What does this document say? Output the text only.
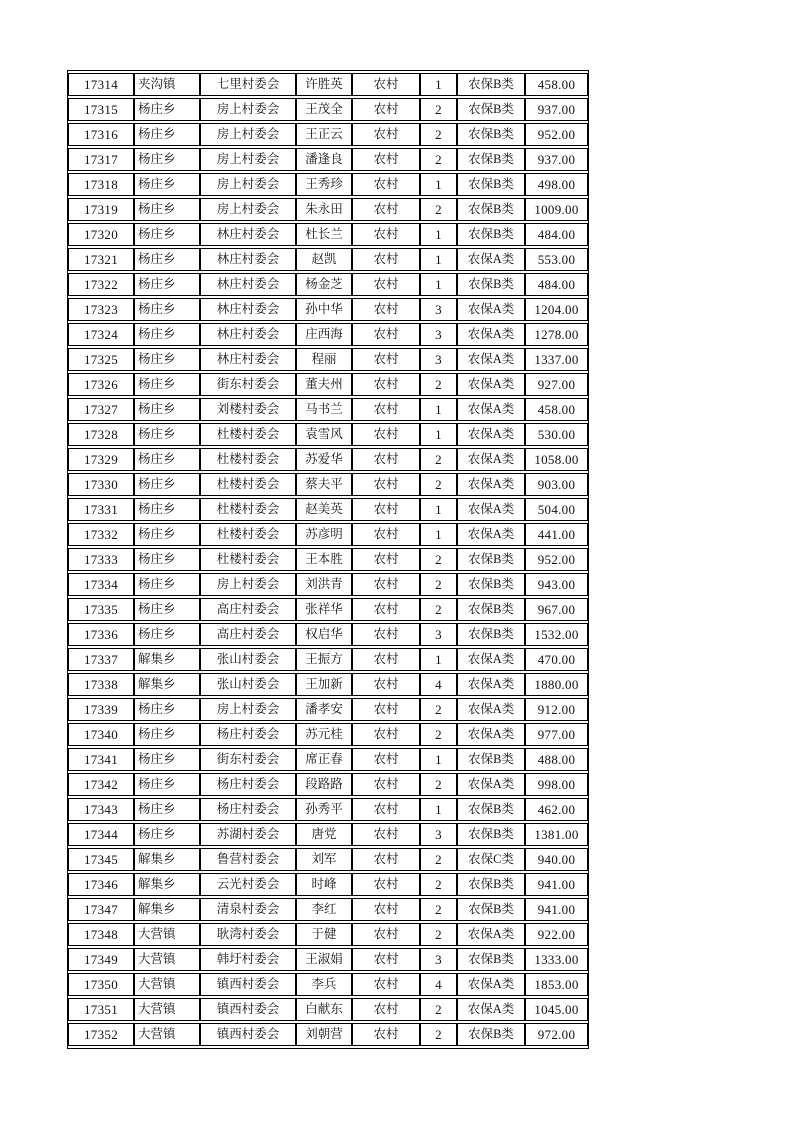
17314	夹沟镇	七里村委会	许胜英	农村	1	农保B类	458.00
17315	杨庄乡	房上村委会	王茂全	农村	2	农保B类	937.00
17316	杨庄乡	房上村委会	王正云	农村	2	农保B类	952.00
17317	杨庄乡	房上村委会	潘逢良	农村	2	农保B类	937.00
17318	杨庄乡	房上村委会	王秀珍	农村	1	农保B类	498.00
17319	杨庄乡	房上村委会	朱永田	农村	2	农保B类	1009.00
17320	杨庄乡	林庄村委会	杜长兰	农村	1	农保B类	484.00
17321	杨庄乡	林庄村委会	赵凯	农村	1	农保A类	553.00
17322	杨庄乡	林庄村委会	杨金芝	农村	1	农保B类	484.00
17323	杨庄乡	林庄村委会	孙中华	农村	3	农保A类	1204.00
17324	杨庄乡	林庄村委会	庄西海	农村	3	农保A类	1278.00
17325	杨庄乡	林庄村委会	程丽	农村	3	农保A类	1337.00
17326	杨庄乡	街东村委会	董夫州	农村	2	农保A类	927.00
17327	杨庄乡	刘楼村委会	马书兰	农村	1	农保A类	458.00
17328	杨庄乡	杜楼村委会	袁雪风	农村	1	农保A类	530.00
17329	杨庄乡	杜楼村委会	苏爱华	农村	2	农保A类	1058.00
17330	杨庄乡	杜楼村委会	蔡夫平	农村	2	农保A类	903.00
17331	杨庄乡	杜楼村委会	赵美英	农村	1	农保A类	504.00
17332	杨庄乡	杜楼村委会	苏彦明	农村	1	农保A类	441.00
17333	杨庄乡	杜楼村委会	王本胜	农村	2	农保B类	952.00
17334	杨庄乡	房上村委会	刘洪青	农村	2	农保B类	943.00
17335	杨庄乡	高庄村委会	张祥华	农村	2	农保B类	967.00
17336	杨庄乡	高庄村委会	权启华	农村	3	农保B类	1532.00
17337	解集乡	张山村委会	王振方	农村	1	农保A类	470.00
17338	解集乡	张山村委会	王加新	农村	4	农保A类	1880.00
17339	杨庄乡	房上村委会	潘孝安	农村	2	农保A类	912.00
17340	杨庄乡	杨庄村委会	苏元桂	农村	2	农保A类	977.00
17341	杨庄乡	街东村委会	席正春	农村	1	农保B类	488.00
17342	杨庄乡	杨庄村委会	段路路	农村	2	农保A类	998.00
17343	杨庄乡	杨庄村委会	孙秀平	农村	1	农保B类	462.00
17344	杨庄乡	苏湖村委会	唐党	农村	3	农保B类	1381.00
17345	解集乡	鲁营村委会	刘军	农村	2	农保C类	940.00
17346	解集乡	云光村委会	时峰	农村	2	农保B类	941.00
17347	解集乡	清泉村委会	李红	农村	2	农保B类	941.00
17348	大营镇	耿湾村委会	于健	农村	2	农保A类	922.00
17349	大营镇	韩圩村委会	王淑娟	农村	3	农保B类	1333.00
17350	大营镇	镇西村委会	李兵	农村	4	农保A类	1853.00
17351	大营镇	镇西村委会	白献东	农村	2	农保A类	1045.00
17352	大营镇	镇西村委会	刘朝营	农村	2	农保B类	972.00
